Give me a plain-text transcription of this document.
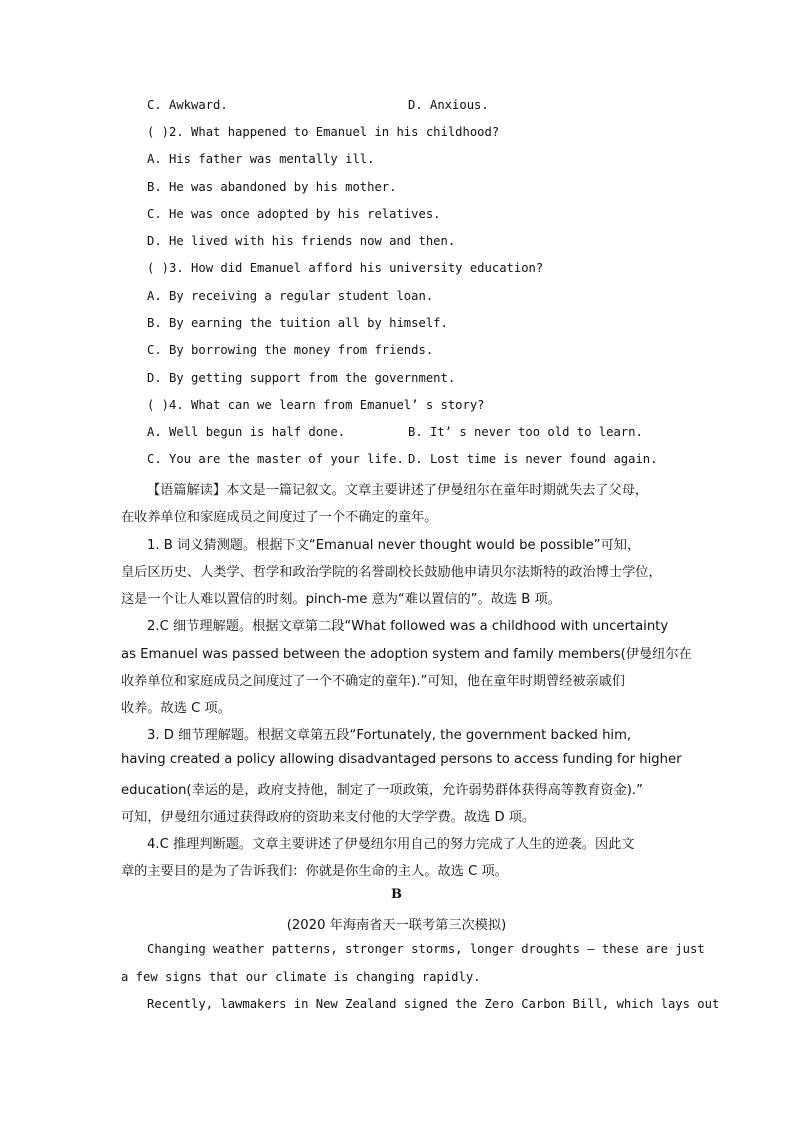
C. Awkward.	D. Anxious.
( )2. What happened to Emanuel in his childhood?
A. His father was mentally ill.
B. He was abandoned by his mother.
C. He was once adopted by his relatives.
D. He lived with his friends now and then.
( )3. How did Emanuel afford his university education?
A. By receiving a regular student loan.
B. By earning the tuition all by himself.
C. By borrowing the money from friends.
D. By getting support from the government.
( )4. What can we learn from Emanuel’ s story?
A. Well begun is half done.	B. It’ s never too old to learn.
C. You are the master of your life. D. Lost time is never found again.
【语篇解读】本文是一篇记叙文。文章主要讲述了伊曼纽尔在童年时期就失去了父母，
在收养单位和家庭成员之间度过了一个不确定的童年。
1. B 词义猜测题。根据下文“Emanual never thought would be possible”可知，
皇后区历史、人类学、哲学和政治学院的名誉副校长鼓励他申请贝尔法斯特的政治博士学位，
这是一个让人难以置信的时刻。pinch-me 意为“难以置信的”。故选 B 项。
2.C 细节理解题。根据文章第二段“What followed was a childhood with uncertainty
as Emanuel was passed between the adoption system and family members(伊曼纽尔在
收养单位和家庭成员之间度过了一个不确定的童年).”可知，他在童年时期曾经被亲戚们
收养。故选 C 项。
3. D 细节理解题。根据文章第五段“Fortunately, the government backed him,
having created a policy allowing disadvantaged persons to access funding for higher
education(幸运的是，政府支持他，制定了一项政策，允许弱势群体获得高等教育资金).”
可知，伊曼纽尔通过获得政府的资助来支付他的大学学费。故选 D 项。
4.C 推理判断题。文章主要讲述了伊曼纽尔用自己的努力完成了人生的逆袭。因此文
章的主要目的是为了告诉我们：你就是你生命的主人。故选 C 项。
(2020 年海南省天一联考第三次模拟)
Changing weather patterns, stronger storms, longer droughts — these are just
a few signs that our climate is changing rapidly.
Recently, lawmakers in New Zealand signed the Zero Carbon Bill, which lays out
B
